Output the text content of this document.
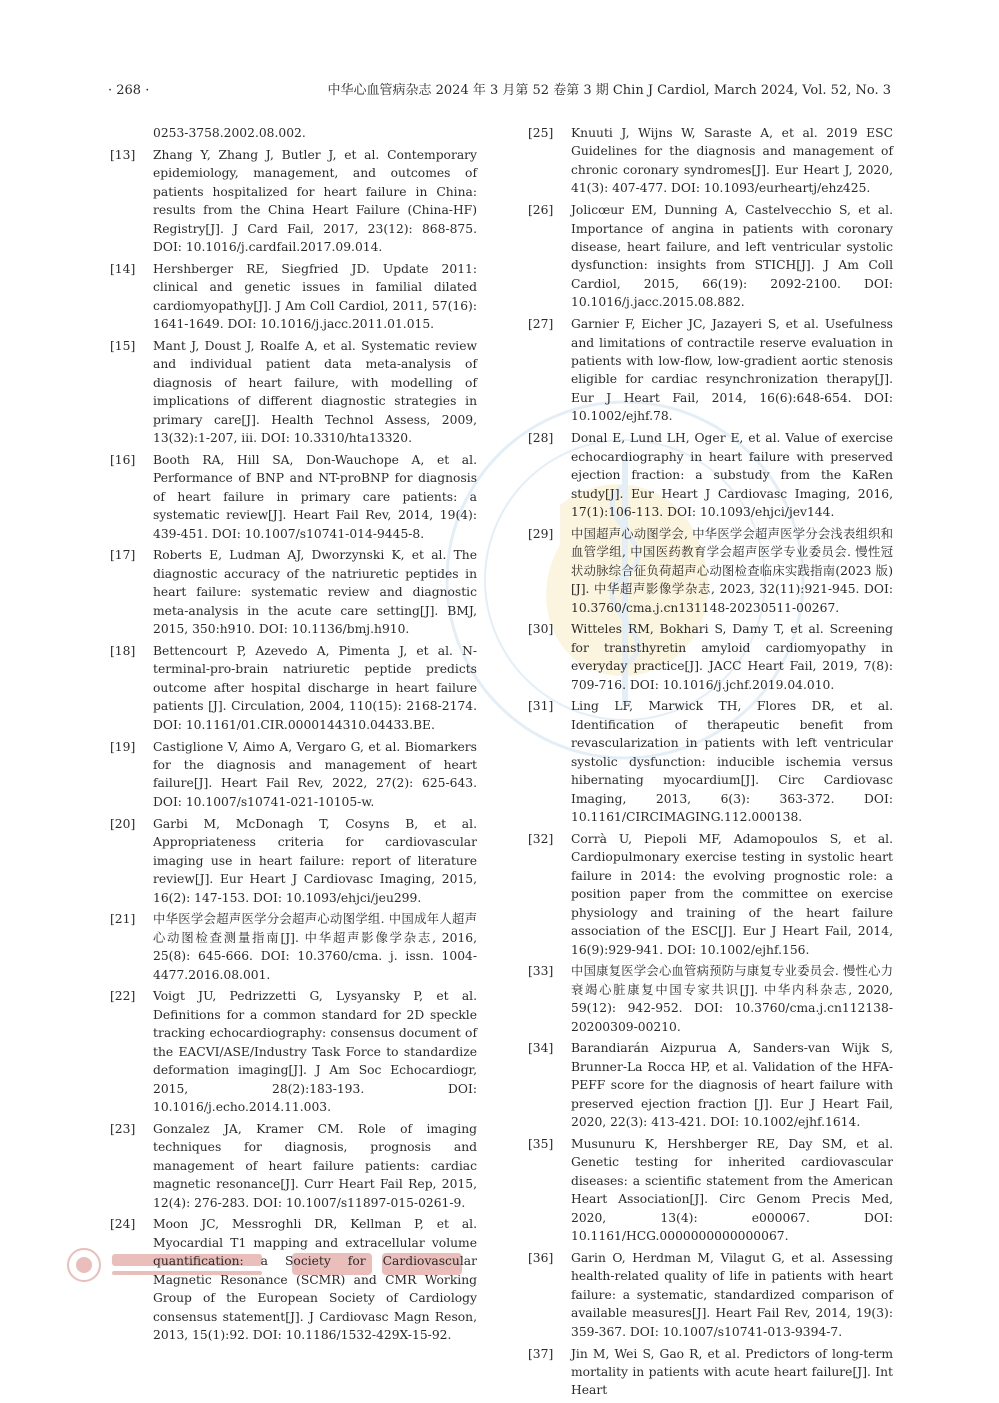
· 268 ·	中华心血管病杂志 2024 年 3 月第 52 卷第 3 期 Chin J Cardiol, March 2024, Vol. 52, No. 3
0253-3758.2002.08.002.
[13] Zhang Y, Zhang J, Butler J, et al. Contemporary epidemiology, management, and outcomes of patients hospitalized for heart failure in China: results from the China Heart Failure (China-HF) Registry[J]. J Card Fail, 2017, 23(12): 868-875. DOI: 10.1016/j.cardfail.2017.09.014.
[14] Hershberger RE, Siegfried JD. Update 2011: clinical and genetic issues in familial dilated cardiomyopathy[J]. J Am Coll Cardiol, 2011, 57(16): 1641-1649. DOI: 10.1016/j.jacc.2011.01.015.
[15] Mant J, Doust J, Roalfe A, et al. Systematic review and individual patient data meta-analysis of diagnosis of heart failure, with modelling of implications of different diagnostic strategies in primary care[J]. Health Technol Assess, 2009, 13(32):1-207, iii. DOI: 10.3310/hta13320.
[16] Booth RA, Hill SA, Don-Wauchope A, et al. Performance of BNP and NT-proBNP for diagnosis of heart failure in primary care patients: a systematic review[J]. Heart Fail Rev, 2014, 19(4): 439-451. DOI: 10.1007/s10741-014-9445-8.
[17] Roberts E, Ludman AJ, Dworzynski K, et al. The diagnostic accuracy of the natriuretic peptides in heart failure: systematic review and diagnostic meta-analysis in the acute care setting[J]. BMJ, 2015, 350:h910. DOI: 10.1136/bmj.h910.
[18] Bettencourt P, Azevedo A, Pimenta J, et al. N-terminal-pro-brain natriuretic peptide predicts outcome after hospital discharge in heart failure patients [J]. Circulation, 2004, 110(15): 2168-2174. DOI: 10.1161/01.CIR.0000144310.04433.BE.
[19] Castiglione V, Aimo A, Vergaro G, et al. Biomarkers for the diagnosis and management of heart failure[J]. Heart Fail Rev, 2022, 27(2): 625-643. DOI: 10.1007/s10741-021-10105-w.
[20] Garbi M, McDonagh T, Cosyns B, et al. Appropriateness criteria for cardiovascular imaging use in heart failure: report of literature review[J]. Eur Heart J Cardiovasc Imaging, 2015, 16(2): 147-153. DOI: 10.1093/ehjci/jeu299.
[21] 中华医学会超声医学分会超声心动图学组. 中国成年人超声心动图检查测量指南[J]. 中华超声影像学杂志, 2016, 25(8): 645-666. DOI: 10.3760/cma. j. issn. 1004-4477.2016.08.001.
[22] Voigt JU, Pedrizzetti G, Lysyansky P, et al. Definitions for a common standard for 2D speckle tracking echocardiography: consensus document of the EACVI/ASE/Industry Task Force to standardize deformation imaging[J]. J Am Soc Echocardiogr, 2015, 28(2):183-193. DOI: 10.1016/j.echo.2014.11.003.
[23] Gonzalez JA, Kramer CM. Role of imaging techniques for diagnosis, prognosis and management of heart failure patients: cardiac magnetic resonance[J]. Curr Heart Fail Rep, 2015, 12(4): 276-283. DOI: 10.1007/s11897-015-0261-9.
[24] Moon JC, Messroghli DR, Kellman P, et al. Myocardial T1 mapping and extracellular volume quantification: a Society for Cardiovascular Magnetic Resonance (SCMR) and CMR Working Group of the European Society of Cardiology consensus statement[J]. J Cardiovasc Magn Reson, 2013, 15(1):92. DOI: 10.1186/1532-429X-15-92.
[25] Knuuti J, Wijns W, Saraste A, et al. 2019 ESC Guidelines for the diagnosis and management of chronic coronary syndromes[J]. Eur Heart J, 2020, 41(3): 407-477. DOI: 10.1093/eurheartj/ehz425.
[26] Jolicœur EM, Dunning A, Castelvecchio S, et al. Importance of angina in patients with coronary disease, heart failure, and left ventricular systolic dysfunction: insights from STICH[J]. J Am Coll Cardiol, 2015, 66(19): 2092-2100. DOI: 10.1016/j.jacc.2015.08.882.
[27] Garnier F, Eicher JC, Jazayeri S, et al. Usefulness and limitations of contractile reserve evaluation in patients with low-flow, low-gradient aortic stenosis eligible for cardiac resynchronization therapy[J]. Eur J Heart Fail, 2014, 16(6):648-654. DOI: 10.1002/ejhf.78.
[28] Donal E, Lund LH, Oger E, et al. Value of exercise echocardiography in heart failure with preserved ejection fraction: a substudy from the KaRen study[J]. Eur Heart J Cardiovasc Imaging, 2016, 17(1):106-113. DOI: 10.1093/ehjci/jev144.
[29] 中国超声心动图学会, 中华医学会超声医学分会浅表组织和血管学组, 中国医药教育学会超声医学专业委员会. 慢性冠状动脉综合征负荷超声心动图检查临床实践指南(2023 版)[J]. 中华超声影像学杂志, 2023, 32(11):921-945. DOI: 10.3760/cma.j.cn131148-20230511-00267.
[30] Witteles RM, Bokhari S, Damy T, et al. Screening for transthyretin amyloid cardiomyopathy in everyday practice[J]. JACC Heart Fail, 2019, 7(8): 709-716. DOI: 10.1016/j.jchf.2019.04.010.
[31] Ling LF, Marwick TH, Flores DR, et al. Identification of therapeutic benefit from revascularization in patients with left ventricular systolic dysfunction: inducible ischemia versus hibernating myocardium[J]. Circ Cardiovasc Imaging, 2013, 6(3): 363-372. DOI: 10.1161/CIRCIMAGING.112.000138.
[32] Corrà U, Piepoli MF, Adamopoulos S, et al. Cardiopulmonary exercise testing in systolic heart failure in 2014: the evolving prognostic role: a position paper from the committee on exercise physiology and training of the heart failure association of the ESC[J]. Eur J Heart Fail, 2014, 16(9):929-941. DOI: 10.1002/ejhf.156.
[33] 中国康复医学会心血管病预防与康复专业委员会. 慢性心力衰竭心脏康复中国专家共识[J]. 中华内科杂志, 2020, 59(12): 942-952. DOI: 10.3760/cma.j.cn112138-20200309-00210.
[34] Barandiarán Aizpurua A, Sanders-van Wijk S, Brunner-La Rocca HP, et al. Validation of the HFA-PEFF score for the diagnosis of heart failure with preserved ejection fraction [J]. Eur J Heart Fail, 2020, 22(3): 413-421. DOI: 10.1002/ejhf.1614.
[35] Musunuru K, Hershberger RE, Day SM, et al. Genetic testing for inherited cardiovascular diseases: a scientific statement from the American Heart Association[J]. Circ Genom Precis Med, 2020, 13(4): e000067. DOI: 10.1161/HCG.0000000000000067.
[36] Garin O, Herdman M, Vilagut G, et al. Assessing health-related quality of life in patients with heart failure: a systematic, standardized comparison of available measures[J]. Heart Fail Rev, 2014, 19(3): 359-367. DOI: 10.1007/s10741-013-9394-7.
[37] Jin M, Wei S, Gao R, et al. Predictors of long-term mortality in patients with acute heart failure[J]. Int Heart
